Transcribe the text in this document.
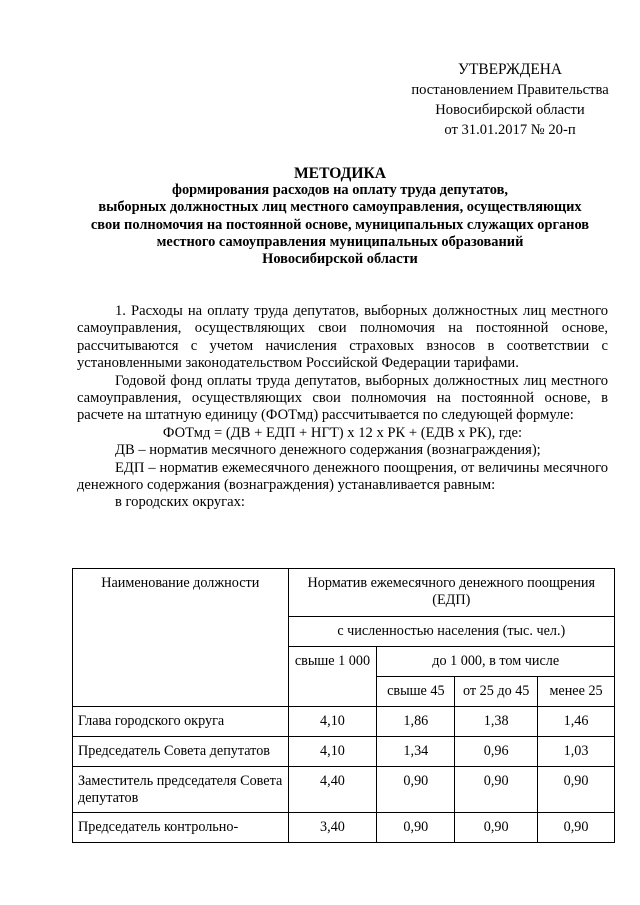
УТВЕРЖДЕНА
постановлением Правительства
Новосибирской области
от 31.01.2017 № 20-п
МЕТОДИКА
формирования расходов на оплату труда депутатов,
выборных должностных лиц местного самоуправления, осуществляющих
свои полномочия на постоянной основе, муниципальных служащих органов
местного самоуправления муниципальных образований
Новосибирской области

1. Расходы на оплату труда депутатов, выборных должностных лиц местного самоуправления, осуществляющих свои полномочия на постоянной основе, рассчитываются с учетом начисления страховых взносов в соответствии с установленными законодательством Российской Федерации тарифами.

Годовой фонд оплаты труда депутатов, выборных должностных лиц местного самоуправления, осуществляющих свои полномочия на постоянной основе, в расчете на штатную единицу (ФОТмд) рассчитывается по следующей формуле:

ФОТмд = (ДВ + ЕДП + НГТ) х 12 х РК + (ЕДВ х РК), где:

ДВ – норматив месячного денежного содержания (вознаграждения);

ЕДП – норматив ежемесячного денежного поощрения, от величины месячного денежного содержания (вознаграждения) устанавливается равным:

в городских округах:

Наименование должности	Норматив ежемесячного денежного поощрения (ЕДП)			
	с численностью населения (тыс. чел.)			
	свыше 1 000	до 1 000, в том числе		
		свыше 45	от 25 до 45	менее 25
Глава городского округа	4,10	1,86	1,38	1,46
Председатель Совета депутатов	4,10	1,34	0,96	1,03
Заместитель председателя Совета депутатов	4,40	0,90	0,90	0,90
Председатель контрольно-	3,40	0,90	0,90	0,90
